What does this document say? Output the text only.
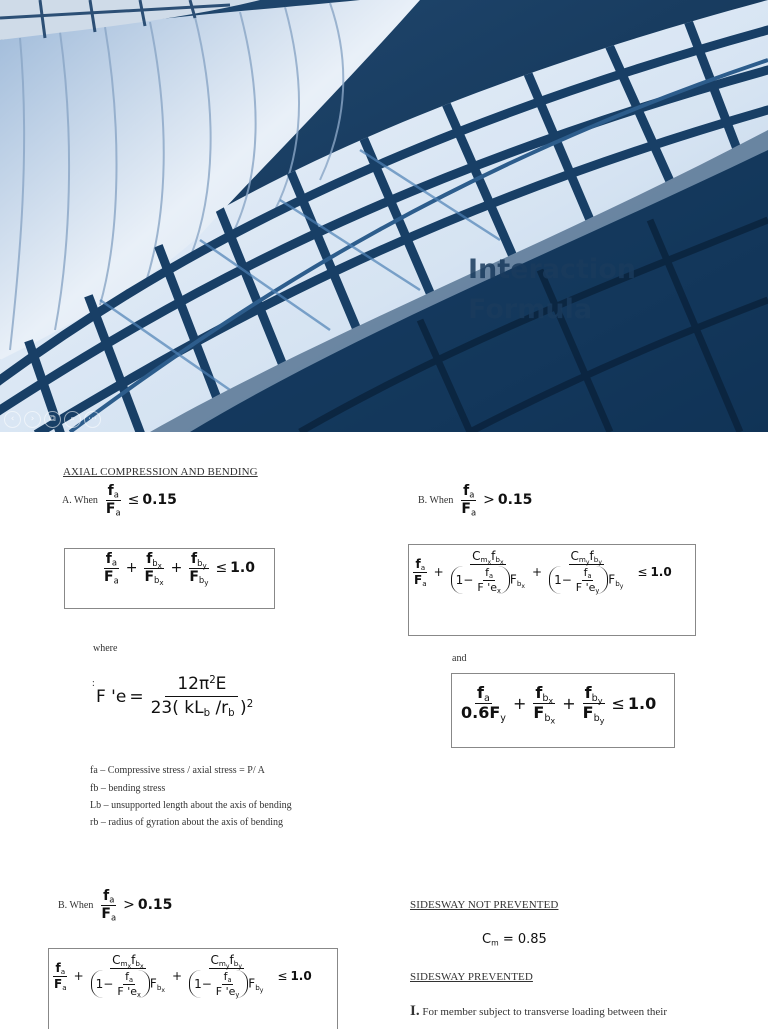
Interaction
Formula
‹	›	⧉	⌕	⋯
AXIAL COMPRESSION AND BENDING
A. When $\frac{f_a}{F_a} \le 0.15$
$\frac{f_a}{F_a} + \frac{f_{b_x}}{F_{b_x}} + \frac{f_{b_y}}{F_{b_y}} \le 1.0$
where
:
F '$e = \frac{12\pi^2E}{23( kL_b /r_b )^2}$
fa – Compressive stress / axial stress = P/ A
fb – bending stress
Lb – unsupported length about the axis of bending
rb – radius of gyration about the axis of bending
B. When $\frac{f_a}{F_a} > 0.15$
$\frac{f_a}{F_a} + \frac{C_{m_x}f_{b_x}}{1- \frac{f_a}{F 'e_x} F_{b_x}} + \frac{C_{m_y}f_{b_y}}{1- \frac{f_a}{F 'e_y} F_{b_y}} \le 1.0$
and
$\frac{f_a}{0.6F_y} + \frac{f_{b_x}}{F_{b_x}} + \frac{f_{b_y}}{F_{b_y}} \le 1.0$
B. When $\frac{f_a}{F_a} > 0.15$
$\frac{f_a}{F_a} + \frac{C_{m_x}f_{b_x}}{1- \frac{f_a}{F 'e_x} F_{b_x}} + \frac{C_{m_y}f_{b_y}}{1- \frac{f_a}{F 'e_y} F_{b_y}} \le 1.0$
SIDESWAY NOT PREVENTED
$C_m = 0.85$
SIDESWAY PREVENTED
I. For member subject to transverse loading between their
